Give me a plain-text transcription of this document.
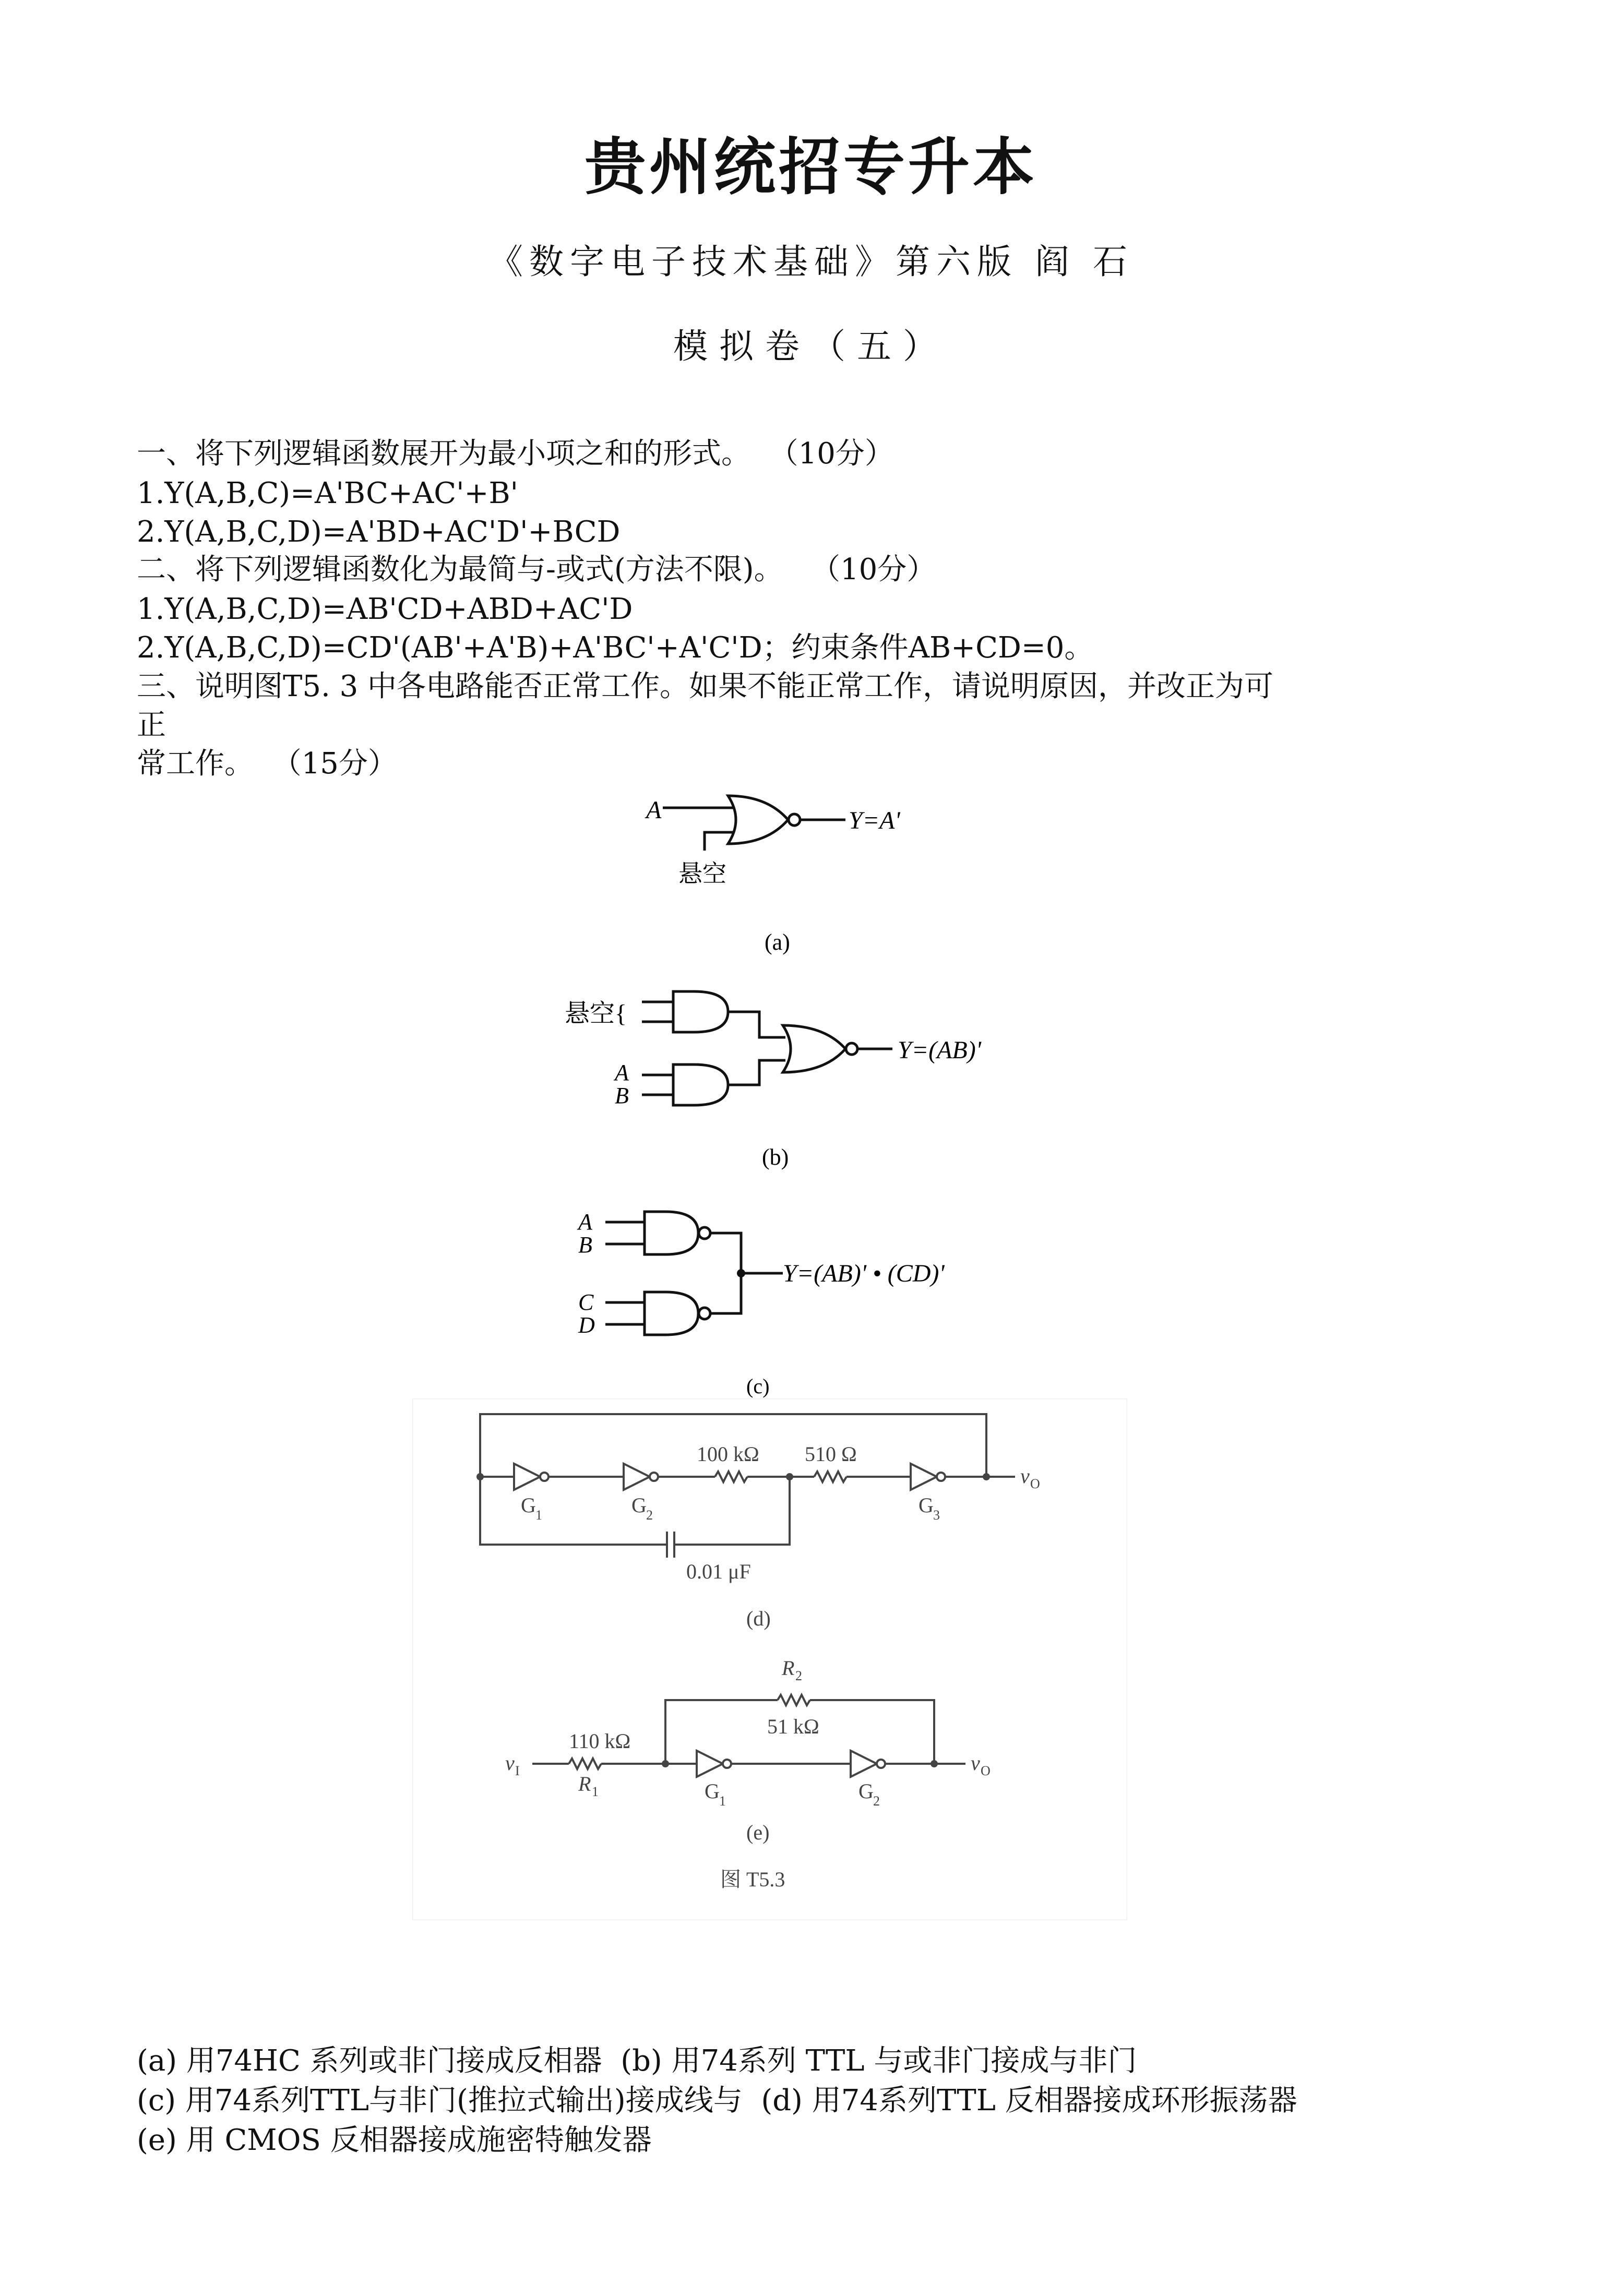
贵州统招专升本
《数字电子技术基础》第六版 阎 石
模拟卷（五）
一、将下列逻辑函数展开为最小项之和的形式。  （10分）
1.Y(A,B,C)=A'BC+AC'+B'
2.Y(A,B,C,D)=A'BD+AC'D'+BCD
二、将下列逻辑函数化为最简与-或式(方法不限)。   （10分）
1.Y(A,B,C,D)=AB'CD+ABD+AC'D
2.Y(A,B,C,D)=CD'(AB'+A'B)+A'BC'+A'C'D；约束条件AB+CD=0。
三、说明图T5. 3 中各电路能否正常工作。如果不能正常工作，请说明原因，并改正为可
正
常工作。  （15分）
A	Y=A'
悬空
(a)
悬空{
A
B
Y=(AB)'
(b)
A
B
C
D
Y=(AB)' • (CD)'
(c)
G 1	G 2	G 3
100 kΩ 510 Ω
0.01 μF
v O
(d)
R 2
51 kΩ
110 kΩ
R 1
v I
G 1	G 2
v O
(e)
图 T5.3
(a) 用74HC 系列或非门接成反相器  (b) 用74系列 TTL 与或非门接成与非门
(c) 用74系列TTL与非门(推拉式输出)接成线与  (d) 用74系列TTL 反相器接成环形振荡器
(e) 用 CMOS 反相器接成施密特触发器
